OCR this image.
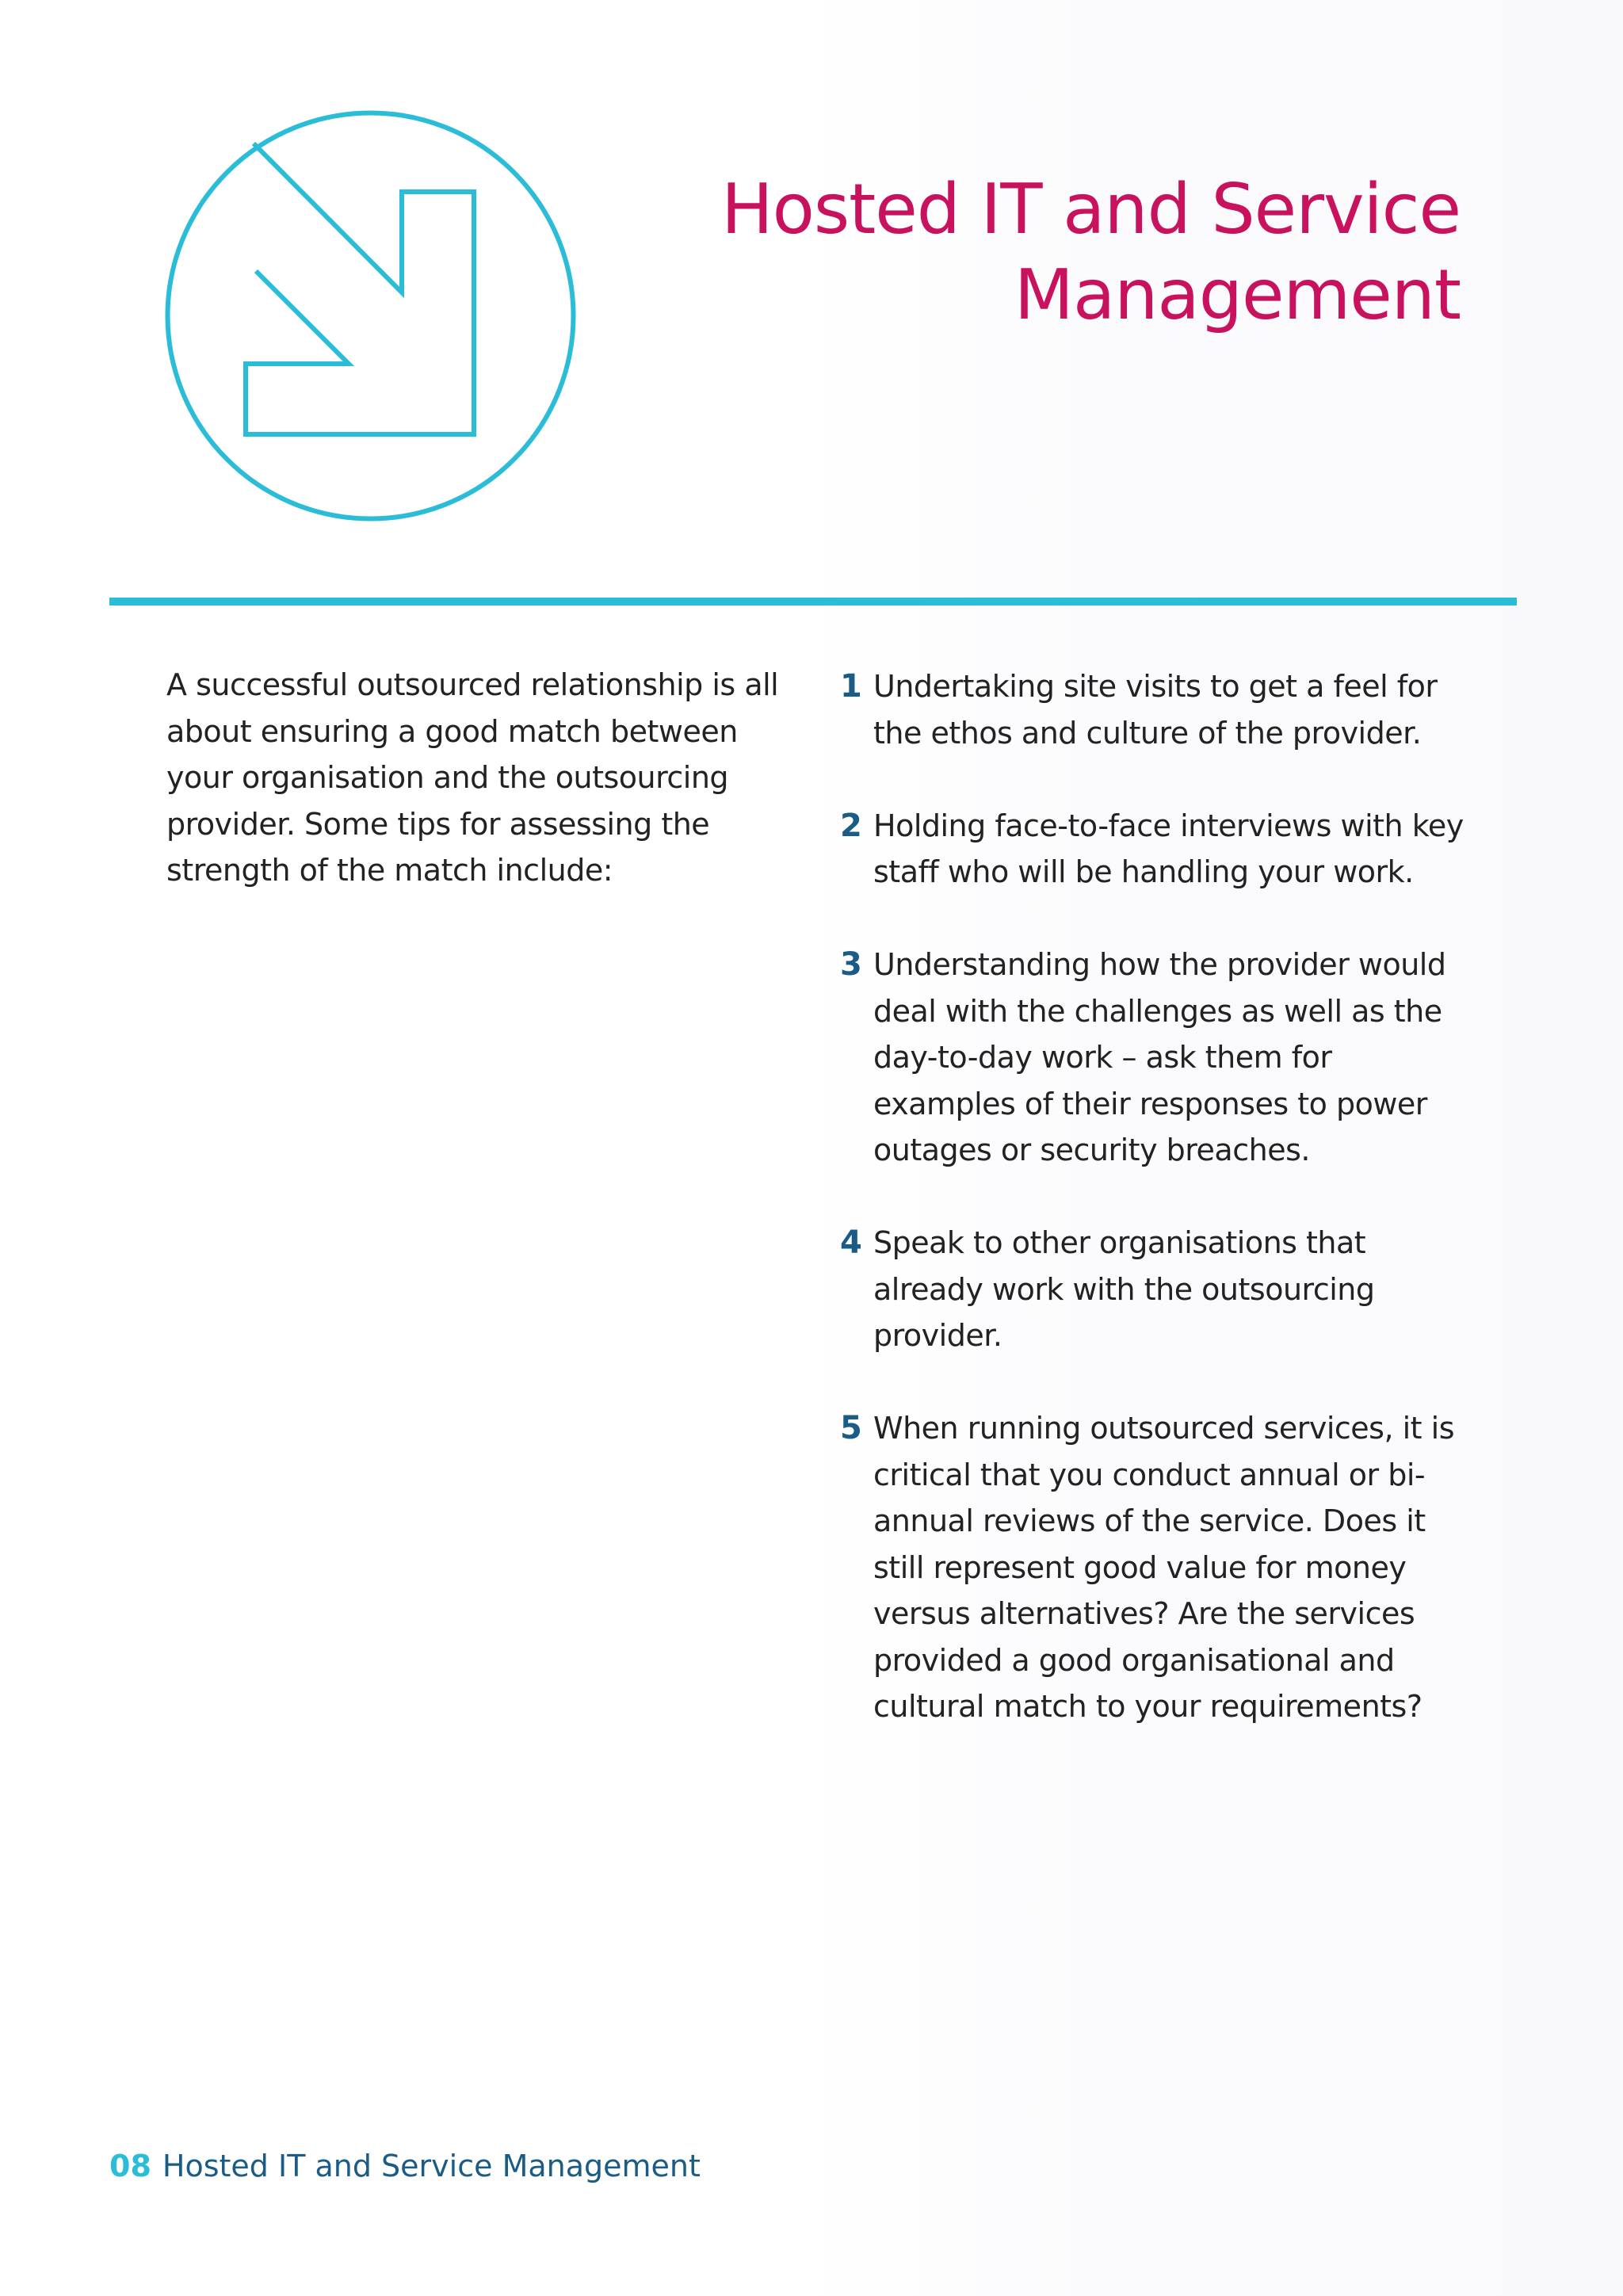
Hosted IT and Service
Management

A successful outsourced relationship is all about ensuring a good match between your organisation and the outsourcing provider. Some tips for assessing the strength of the match include:

1 Undertaking site visits to get a feel for the ethos and culture of the provider.
2 Holding face-to-face interviews with key staff who will be handling your work.
3 Understanding how the provider would deal with the challenges as well as the day-to-day work – ask them for examples of their responses to power outages or security breaches.
4 Speak to other organisations that already work with the outsourcing provider.
5 When running outsourced services, it is critical that you conduct annual or bi-annual reviews of the service. Does it still represent good value for money versus alternatives? Are the services provided a good organisational and cultural match to your requirements?
08 Hosted IT and Service Management
